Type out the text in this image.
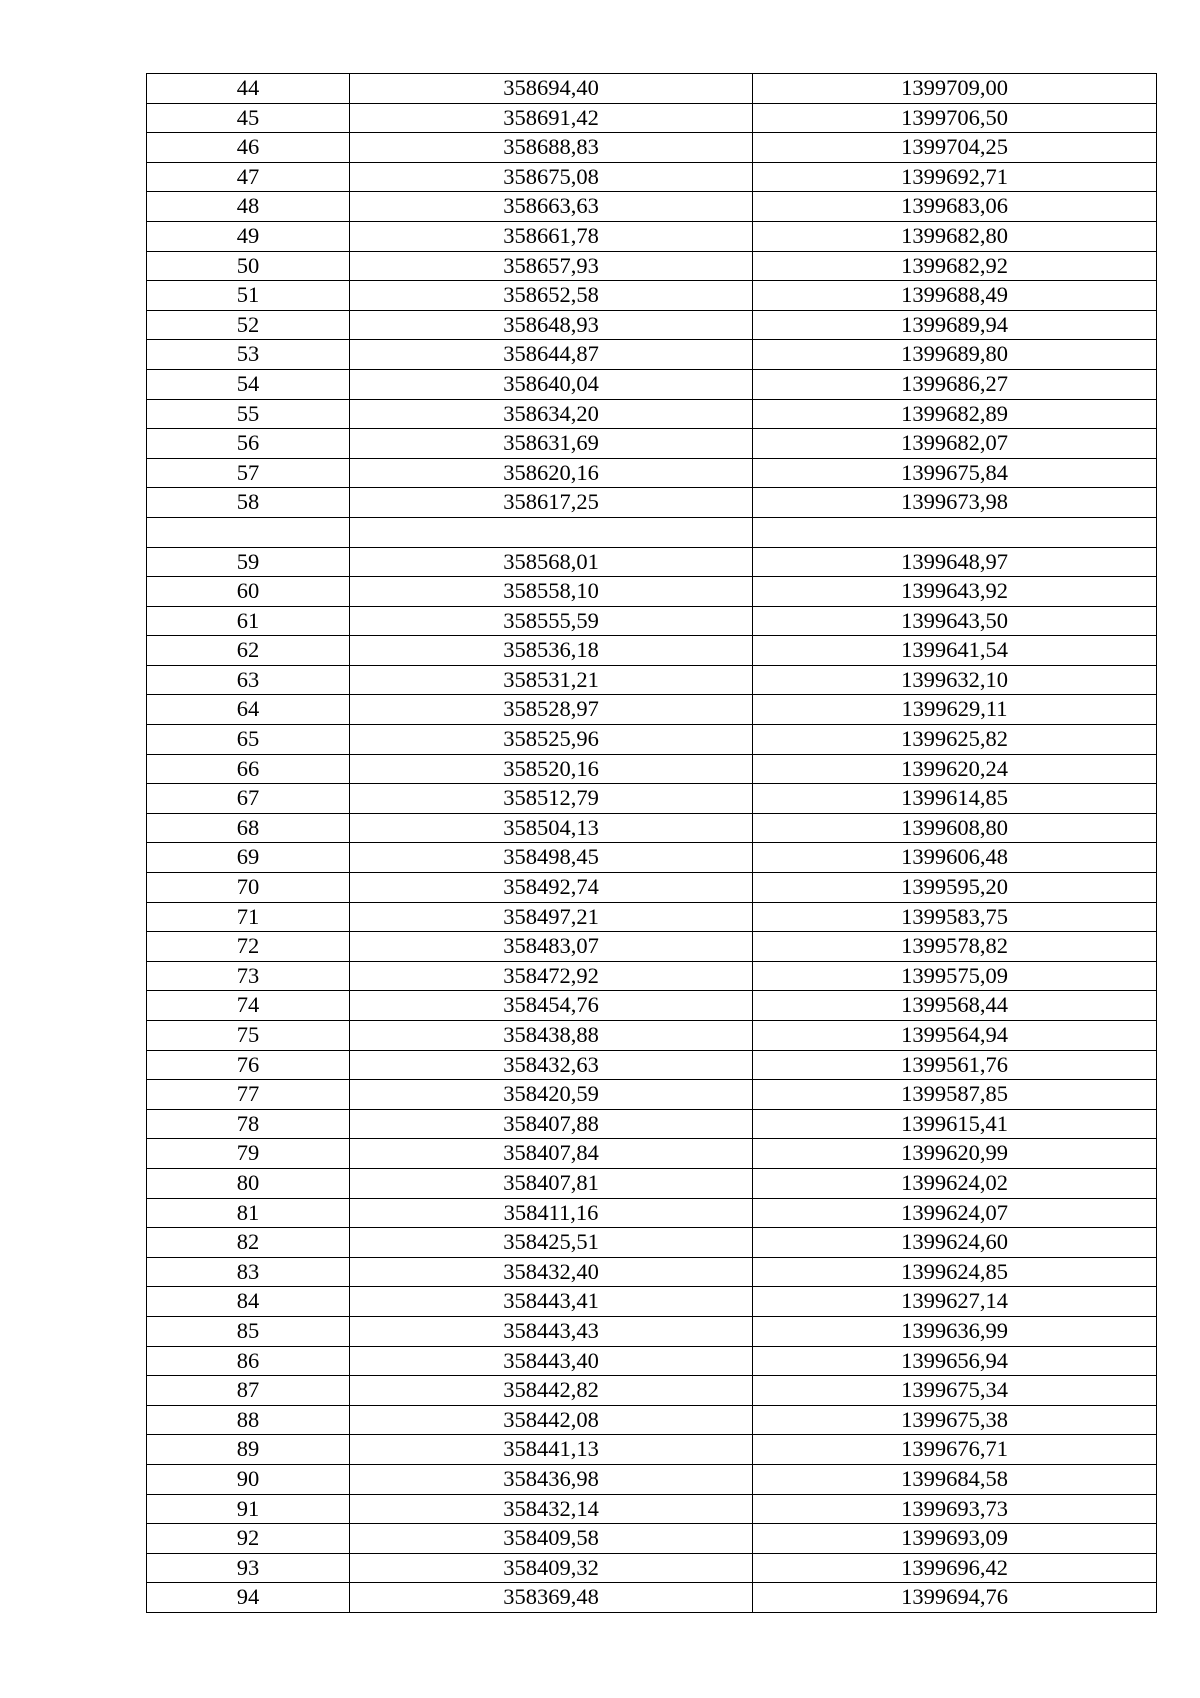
44	358694,40	1399709,00
45	358691,42	1399706,50
46	358688,83	1399704,25
47	358675,08	1399692,71
48	358663,63	1399683,06
49	358661,78	1399682,80
50	358657,93	1399682,92
51	358652,58	1399688,49
52	358648,93	1399689,94
53	358644,87	1399689,80
54	358640,04	1399686,27
55	358634,20	1399682,89
56	358631,69	1399682,07
57	358620,16	1399675,84
58	358617,25	1399673,98

59	358568,01	1399648,97
60	358558,10	1399643,92
61	358555,59	1399643,50
62	358536,18	1399641,54
63	358531,21	1399632,10
64	358528,97	1399629,11
65	358525,96	1399625,82
66	358520,16	1399620,24
67	358512,79	1399614,85
68	358504,13	1399608,80
69	358498,45	1399606,48
70	358492,74	1399595,20
71	358497,21	1399583,75
72	358483,07	1399578,82
73	358472,92	1399575,09
74	358454,76	1399568,44
75	358438,88	1399564,94
76	358432,63	1399561,76
77	358420,59	1399587,85
78	358407,88	1399615,41
79	358407,84	1399620,99
80	358407,81	1399624,02
81	358411,16	1399624,07
82	358425,51	1399624,60
83	358432,40	1399624,85
84	358443,41	1399627,14
85	358443,43	1399636,99
86	358443,40	1399656,94
87	358442,82	1399675,34
88	358442,08	1399675,38
89	358441,13	1399676,71
90	358436,98	1399684,58
91	358432,14	1399693,73
92	358409,58	1399693,09
93	358409,32	1399696,42
94	358369,48	1399694,76
